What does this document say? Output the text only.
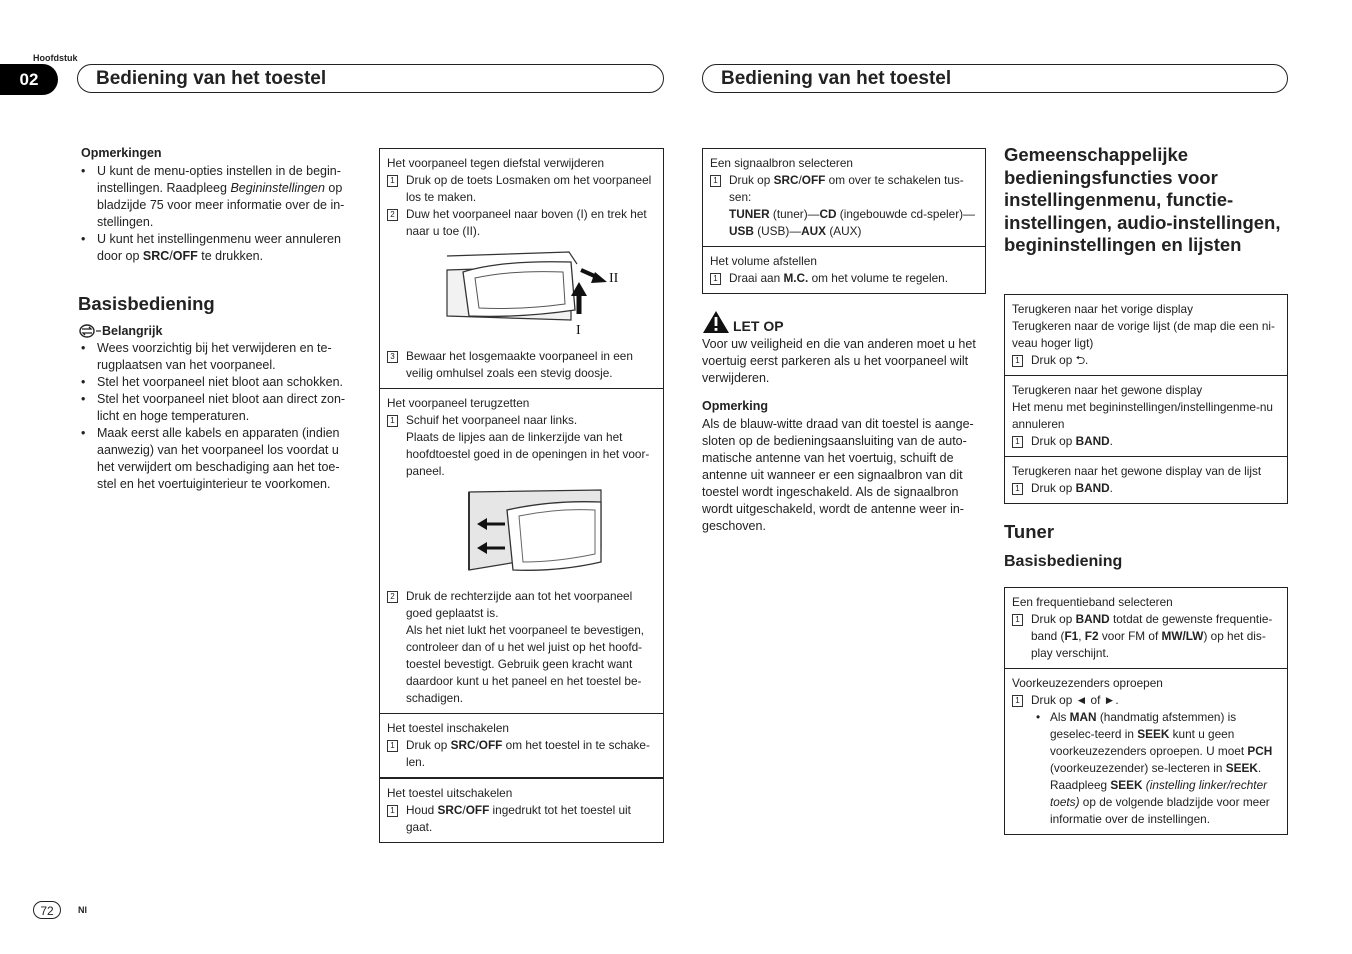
Hoofdstuk
02	Bediening van het toestel	Bediening van het toestel
Opmerkingen
• U kunt de menu-opties instellen in de begin-instellingen. Raadpleeg Begininstellingen op bladzijde 75 voor meer informatie over de in-stellingen.
• U kunt het instellingenmenu weer annuleren door op SRC/OFF te drukken.
Basisbediening
Belangrijk
• Wees voorzichtig bij het verwijderen en te-rugplaatsen van het voorpaneel.
• Stel het voorpaneel niet bloot aan schokken.
• Stel het voorpaneel niet bloot aan direct zon-licht en hoge temperaturen.
• Maak eerst alle kabels en apparaten (indien aanwezig) van het voorpaneel los voordat u het verwijdert om beschadiging aan het toe-stel en het voertuiginterieur te voorkomen.
Het voorpaneel tegen diefstal verwijderen
1 Druk op de toets Losmaken om het voorpaneel los te maken.
2 Duw het voorpaneel naar boven (I) en trek het naar u toe (II).
II
I
3 Bewaar het losgemaakte voorpaneel in een veilig omhulsel zoals een stevig doosje.
Het voorpaneel terugzetten
1 Schuif het voorpaneel naar links.
Plaats de lipjes aan de linkerzijde van het hoofdtoestel goed in de openingen in het voor-paneel.
2 Druk de rechterzijde aan tot het voorpaneel goed geplaatst is.
Als het niet lukt het voorpaneel te bevestigen, controleer dan of u het wel juist op het hoofd-toestel bevestigt. Gebruik geen kracht want daardoor kunt u het paneel en het toestel be-schadigen.
Het toestel inschakelen
1 Druk op SRC/OFF om het toestel in te schake-len.
Het toestel uitschakelen
1 Houd SRC/OFF ingedrukt tot het toestel uit gaat.
Een signaalbron selecteren
1 Druk op SRC/OFF om over te schakelen tus-sen:
TUNER (tuner)—CD (ingebouwde cd-speler)—
USB (USB)—AUX (AUX)
Het volume afstellen
1 Draai aan M.C. om het volume te regelen.
LET OP

Voor uw veiligheid en die van anderen moet u het voertuig eerst parkeren als u het voorpaneel wilt verwijderen.

Opmerking

Als de blauw-witte draad van dit toestel is aange-sloten op de bedieningsaansluiting van de auto-matische antenne van het voertuig, schuift de antenne uit wanneer er een signaalbron van dit toestel wordt ingeschakeld. Als de signaalbron wordt uitgeschakeld, wordt de antenne weer in-geschoven.

Gemeenschappelijke bedieningsfuncties voor instellingenmenu, functie-instellingen, audio-instellingen, begininstellingen en lijsten
Terugkeren naar het vorige display
Terugkeren naar de vorige lijst (de map die een ni-veau hoger ligt)
1 Druk op ⮌.
Terugkeren naar het gewone display
Het menu met begininstellingen/instellingenme-nu annuleren
1 Druk op BAND.
Terugkeren naar het gewone display van de lijst
1 Druk op BAND.
Tuner
Basisbediening
Een frequentieband selecteren
1 Druk op BAND totdat de gewenste frequentie-band (F1, F2 voor FM of MW/LW) op het dis-play verschijnt.
Voorkeuzezenders oproepen
1 Druk op ◄ of ►.
• Als MAN (handmatig afstemmen) is geselec-teerd in SEEK kunt u geen voorkeuzezenders oproepen. U moet PCH (voorkeuzezender) se-lecteren in SEEK. Raadpleeg SEEK (instelling linker/rechter toets) op de volgende bladzijde voor meer informatie over de instellingen.
72	Nl
